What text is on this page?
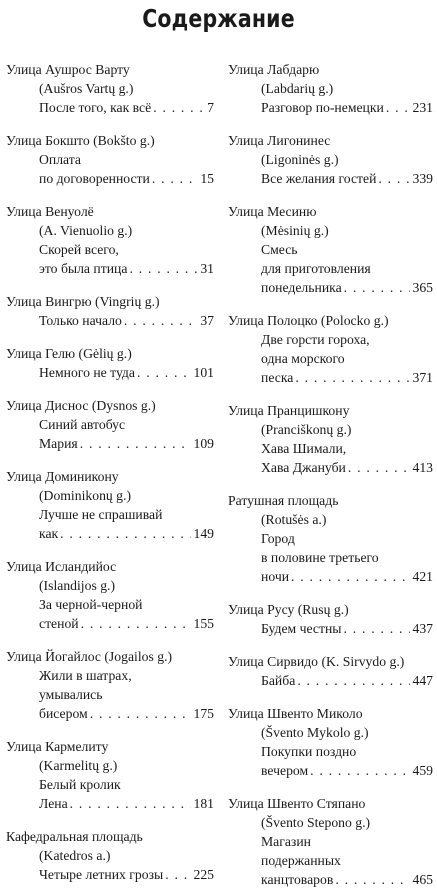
Содержание
Улица Аушрос Варту
(Aušros Vartų g.)
После того, как всё . . .	7
Улица Бокшто (Bokšto g.)
Оплата
по договоренности . . .	15
Улица Венуолё
(A. Vienuolio g.)
Скорей всего,
это была птица . . .	31
Улица Вингрю (Vingrių g.)
Только начало . . .	37
Улица Гелю (Gėlių g.)
Немного не туда . . .	101
Улица Диснос (Dysnos g.)
Синий автобус
Мария . . .	109
Улица Доминикону
(Dominikonų g.)
Лучше не спрашивай
как . . .	149
Улица Исландийос
(Islandijos g.)
За черной-черной
стеной . . .	155
Улица Йогайлос (Jogailos g.)
Жили в шатрах,
умывались
бисером . . .	175
Улица Кармелиту
(Karmelitų g.)
Белый кролик
Лена . . .	181
Кафедральная площадь
(Katedros a.)
Четыре летних грозы . . . 225
Улица Лабдарю
(Labdarių g.)
Разговор по-немецки . . . 231
Улица Лигонинес
(Ligoninės g.)
Все желания гостей . . .	339
Улица Месиню
(Mėsinių g.)
Смесь
для приготовления
понедельника . . .	365
Улица Полоцко (Polocko g.)
Две горсти гороха,
одна морского
песка . . .	371
Улица Пранцишкону
(Pranciškonų g.)
Хава Шимали,
Хава Джануби . . .	413
Ратушная площадь
(Rotušės a.)
Город
в половине третьего
ночи . . .	421
Улица Русу (Rusų g.)
Будем честны . . .	437
Улица Сирвидо (K. Sirvydo g.)
Байба . . .	447
Улица Швенто Миколо
(Šventо Mykolo g.)
Покупки поздно
вечером . . .	459
Улица Швенто Стяпано
(Švento Stepono g.)
Магазин
подержанных
канцтоваров . . .	465
